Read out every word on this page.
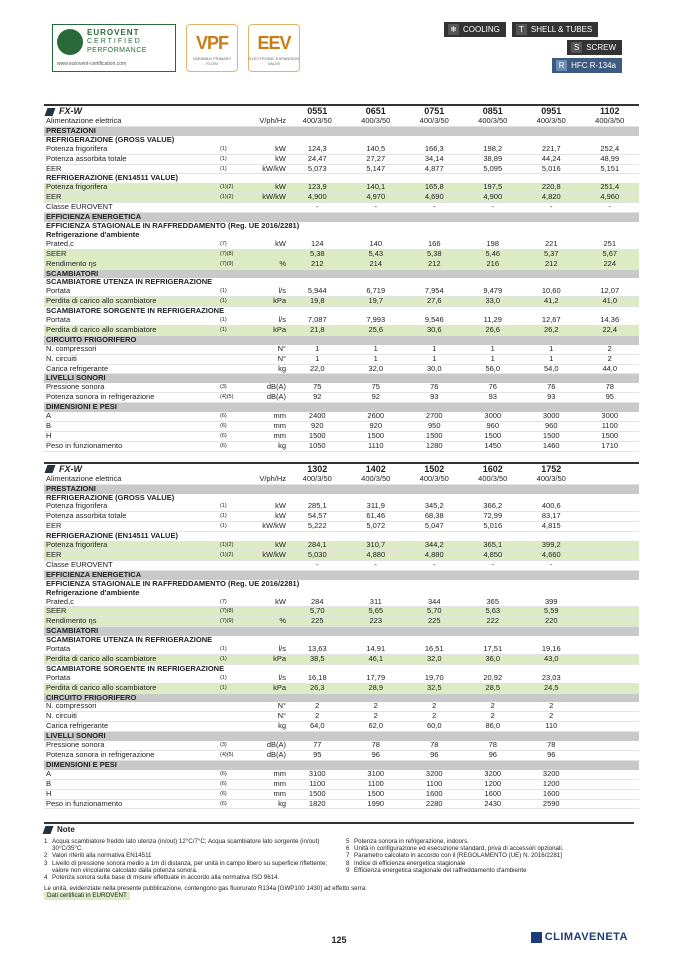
EUROVENT
CERTIFIED
PERFORMANCE
www.eurovent-certification.com
VPF
VARIABLE PRIMARY FLOW
EEV
ELECTRONIC EXPANSION VALVE
❄ COOLING	T SHELL & TUBES
S SCREW
R HFC R-134a
FX-W			0551	0651	0751	0851	0951	1102
Alimentazione elettrica		V/ph/Hz	400/3/50	400/3/50	400/3/50	400/3/50	400/3/50	400/3/50
PRESTAZIONI								
REFRIGERAZIONE (GROSS VALUE)								
Potenza frigorifera	(1)	kW	124,3	140,5	166,3	198,2	221,7	252,4
Potenza assorbita totale	(1)	kW	24,47	27,27	34,14	38,89	44,24	48,99
EER	(1)	kW/kW	5,073	5,147	4,877	5,095	5,016	5,151
REFRIGERAZIONE (EN14511 VALUE)								
Potenza frigorifera	(1)(2)	kW	123,9	140,1	165,8	197,5	220,8	251,4
EER	(1)(2)	kW/kW	4,900	4,970	4,690	4,900	4,820	4,960
Classe EUROVENT			-	-	-	-	-	-
EFFICIENZA ENERGETICA								
EFFICIENZA STAGIONALE IN RAFFREDDAMENTO (Reg. UE 2016/2281)								
Refrigerazione d'ambiente								
Prated,c	(7)	kW	124	140	166	198	221	251
SEER	(7)(8)		5,38	5,43	5,38	5,46	5,37	5,67
Rendimento ηs	(7)(9)	%	212	214	212	216	212	224
SCAMBIATORI								
SCAMBIATORE UTENZA IN REFRIGERAZIONE								
Portata	(1)	l/s	5,944	6,719	7,954	9,479	10,60	12,07
Perdita di carico allo scambiatore	(1)	kPa	19,8	19,7	27,6	33,0	41,2	41,0
SCAMBIATORE SORGENTE IN REFRIGERAZIONE								
Portata	(1)	l/s	7,087	7,993	9,546	11,29	12,67	14,36
Perdita di carico allo scambiatore	(1)	kPa	21,8	25,6	30,6	26,6	26,2	22,4
CIRCUITO FRIGORIFERO								
N. compressori		N°	1	1	1	1	1	2
N. circuiti		N°	1	1	1	1	1	2
Carica refrigerante		kg	22,0	32,0	30,0	56,0	54,0	44,0
LIVELLI SONORI								
Pressione sonora	(3)	dB(A)	75	75	76	76	76	78
Potenza sonora in refrigerazione	(4)(5)	dB(A)	92	92	93	93	93	95
DIMENSIONI E PESI								
A	(6)	mm	2400	2600	2700	3000	3000	3000
B	(6)	mm	920	920	950	960	960	1100
H	(6)	mm	1500	1500	1500	1500	1500	1500
Peso in funzionamento	(6)	kg	1050	1110	1280	1450	1460	1710
FX-W			1302	1402	1502	1602	1752	
Alimentazione elettrica		V/ph/Hz	400/3/50	400/3/50	400/3/50	400/3/50	400/3/50	
PRESTAZIONI								
REFRIGERAZIONE (GROSS VALUE)								
Potenza frigorifera	(1)	kW	285,1	311,9	345,2	366,2	400,6	
Potenza assorbita totale	(1)	kW	54,57	61,46	68,38	72,99	83,17	
EER	(1)	kW/kW	5,222	5,072	5,047	5,016	4,815	
REFRIGERAZIONE (EN14511 VALUE)								
Potenza frigorifera	(1)(2)	kW	284,1	310,7	344,2	365,1	399,2	
EER	(1)(2)	kW/kW	5,030	4,880	4,880	4,850	4,660	
Classe EUROVENT			-	-	-	-	-	
EFFICIENZA ENERGETICA								
EFFICIENZA STAGIONALE IN RAFFREDDAMENTO (Reg. UE 2016/2281)								
Refrigerazione d'ambiente								
Prated,c	(7)	kW	284	311	344	365	399	
SEER	(7)(8)		5,70	5,65	5,70	5,63	5,59	
Rendimento ηs	(7)(9)	%	225	223	225	222	220	
SCAMBIATORI								
SCAMBIATORE UTENZA IN REFRIGERAZIONE								
Portata	(1)	l/s	13,63	14,91	16,51	17,51	19,16	
Perdita di carico allo scambiatore	(1)	kPa	38,5	46,1	32,0	36,0	43,0	
SCAMBIATORE SORGENTE IN REFRIGERAZIONE								
Portata	(1)	l/s	16,18	17,79	19,70	20,92	23,03	
Perdita di carico allo scambiatore	(1)	kPa	26,3	28,9	32,5	28,5	24,5	
CIRCUITO FRIGORIFERO								
N. compressori		N°	2	2	2	2	2	
N. circuiti		N°	2	2	2	2	2	
Carica refrigerante		kg	64,0	62,0	60,0	86,0	110	
LIVELLI SONORI								
Pressione sonora	(3)	dB(A)	77	78	78	78	78	
Potenza sonora in refrigerazione	(4)(5)	dB(A)	95	96	96	96	96	
DIMENSIONI E PESI								
A	(6)	mm	3100	3100	3200	3200	3200	
B	(6)	mm	1100	1100	1100	1200	1200	
H	(6)	mm	1500	1500	1600	1600	1600	
Peso in funzionamento	(6)	kg	1820	1990	2280	2430	2590	
Note
1 Acqua scambiatore freddo lato utenza (in/out) 12°C/7°C; Acqua scambiatore lato sorgente (in/out) 30°C/35°C.
2 Valori riferiti alla normativa EN14511
3 Livello di pressione sonora medio a 1m di distanza, per unità in campo libero su superficie riflettente; valore non vincolante calcolato dalla potenza sonora.
4 Potenza sonora sulla base di misure effettuate in accordo alla normativa ISO 9614.
5 Potenza sonora in refrigerazione, indoors.
6 Unità in configurazione ed esecuzione standard, priva di accessori opzionali.
7 Parametro calcolato in accordo con il [REGOLAMENTO (UE) N. 2016/2281]
8 Indice di efficienza energetica stagionale
9 Efficienza energetica stagionale del raffreddamento d'ambiente
Le unità, evidenziate nella presente pubblicazione, contengono gas fluorurato R134a [GWP100 1430] ad effetto serra.
Dati certificati in EUROVENT
125	CLIMAVENETA
